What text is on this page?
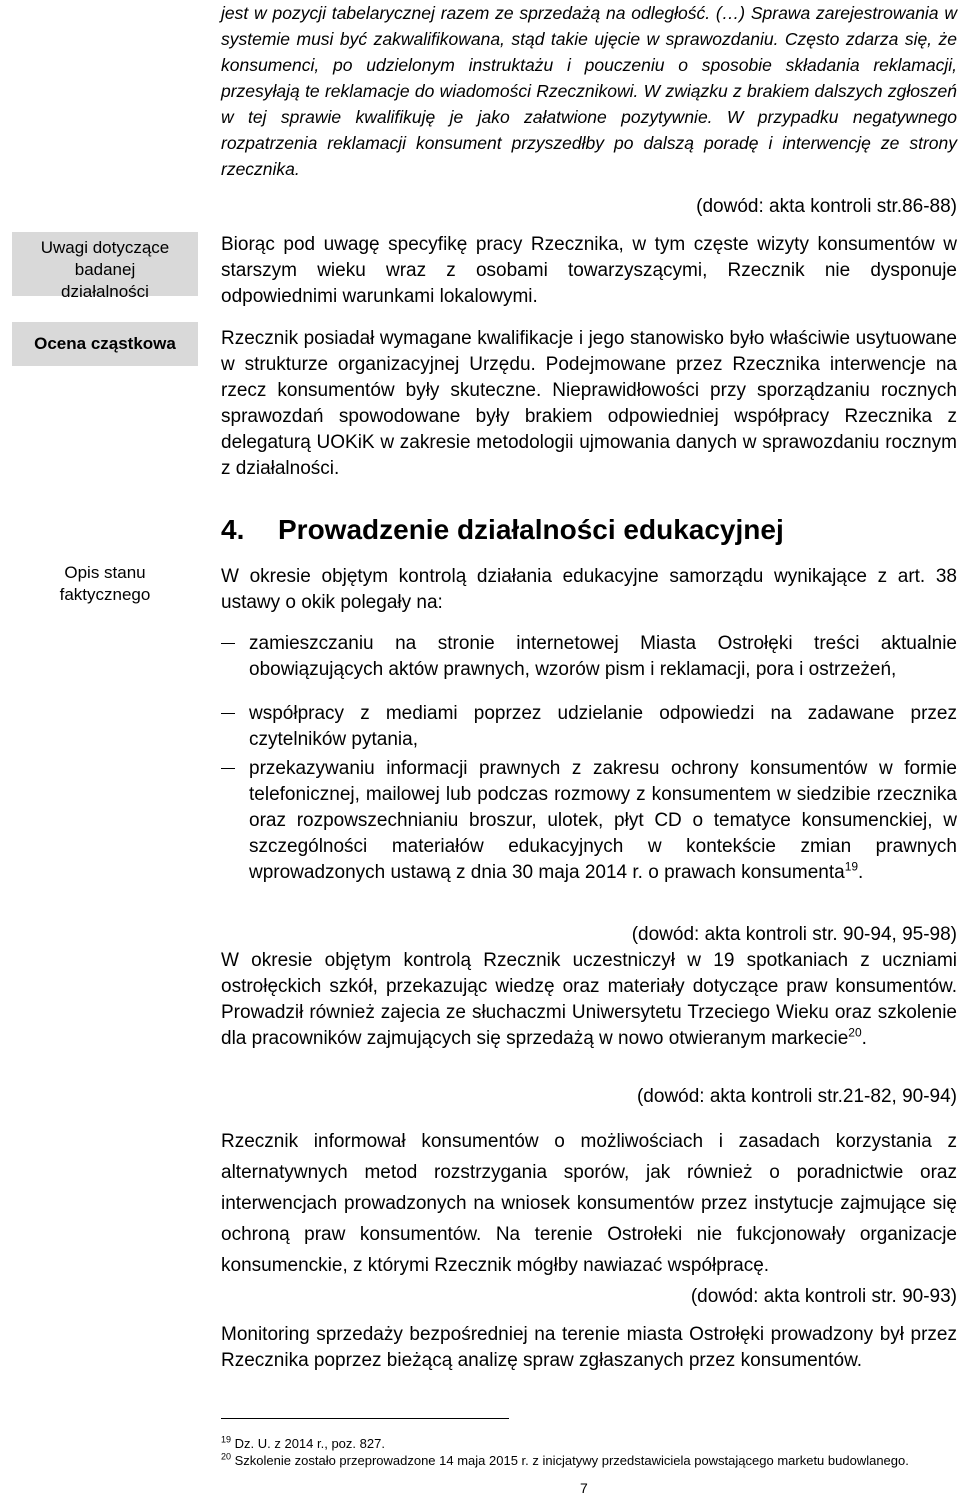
Uwagi dotyczące badanej działalności
Ocena cząstkowa
Opis stanu faktycznego
jest w pozycji tabelarycznej razem ze sprzedażą na odległość. (…) Sprawa zarejestrowania w systemie musi być zakwalifikowana, stąd takie ujęcie w sprawozdaniu. Często zdarza się, że konsumenci, po udzielonym instruktażu i pouczeniu o sposobie składania reklamacji, przesyłają te reklamacje do wiadomości Rzecznikowi. W związku z brakiem dalszych zgłoszeń w tej sprawie kwalifikuję je jako załatwione pozytywnie. W przypadku negatywnego rozpatrzenia reklamacji konsument przyszedłby po dalszą poradę i interwencję ze strony rzecznika.
(dowód: akta kontroli str.86-88)
Biorąc pod uwagę specyfikę pracy Rzecznika, w tym częste wizyty konsumentów w starszym wieku wraz z osobami towarzyszącymi, Rzecznik nie dysponuje odpowiednimi warunkami lokalowymi.
Rzecznik posiadał wymagane kwalifikacje i jego stanowisko było właściwie usytuowane w strukturze organizacyjnej Urzędu. Podejmowane przez Rzecznika interwencje na rzecz konsumentów były skuteczne. Nieprawidłowości przy sporządzaniu rocznych sprawozdań spowodowane były brakiem odpowiedniej współpracy Rzecznika z delegaturą UOKiK w zakresie metodologii ujmowania danych w sprawozdaniu rocznym z działalności.
4. Prowadzenie działalności edukacyjnej
W okresie objętym kontrolą działania edukacyjne samorządu wynikające z art. 38 ustawy o okik polegały na:
zamieszczaniu na stronie internetowej Miasta Ostrołęki treści aktualnie obowiązujących aktów prawnych, wzorów pism i reklamacji, pora i ostrzeżeń,
współpracy z mediami poprzez udzielanie odpowiedzi na zadawane przez czytelników pytania,
przekazywaniu informacji prawnych z zakresu ochrony konsumentów w formie telefonicznej, mailowej lub podczas rozmowy z konsumentem w siedzibie rzecznika oraz rozpowszechnianiu broszur, ulotek, płyt CD o tematyce konsumenckiej, w szczególności materiałów edukacyjnych w kontekście zmian prawnych wprowadzonych ustawą z dnia 30 maja 2014 r. o prawach konsumenta$^{19}$.
(dowód: akta kontroli str. 90-94, 95-98)
W okresie objętym kontrolą Rzecznik uczestniczył w 19 spotkaniach z uczniami ostrołęckich szkół, przekazując wiedzę oraz materiały dotyczące praw konsumentów. Prowadził również zajecia ze słuchaczmi Uniwersytetu Trzeciego Wieku oraz szkolenie dla pracowników zajmujących się sprzedażą w nowo otwieranym markecie$^{20}$.
(dowód: akta kontroli str.21-82, 90-94)
Rzecznik informował konsumentów o możliwościach i zasadach korzystania z alternatywnych metod rozstrzygania sporów, jak również o poradnictwie oraz interwencjach prowadzonych na wniosek konsumentów przez instytucje zajmujące się ochroną praw konsumentów. Na terenie Ostrołeki nie fukcjonowały organizacje konsumenckie, z którymi Rzecznik mógłby nawiazać współpracę.
(dowód: akta kontroli str. 90-93)
Monitoring sprzedaży bezpośredniej na terenie miasta Ostrołęki prowadzony był przez Rzecznika poprzez bieżącą analizę spraw zgłaszanych przez konsumentów.
$^{19}$ Dz. U. z 2014 r., poz. 827.
$^{20}$ Szkolenie zostało przeprowadzone 14 maja 2015 r. z inicjatywy przedstawiciela powstającego marketu budowlanego.
7
